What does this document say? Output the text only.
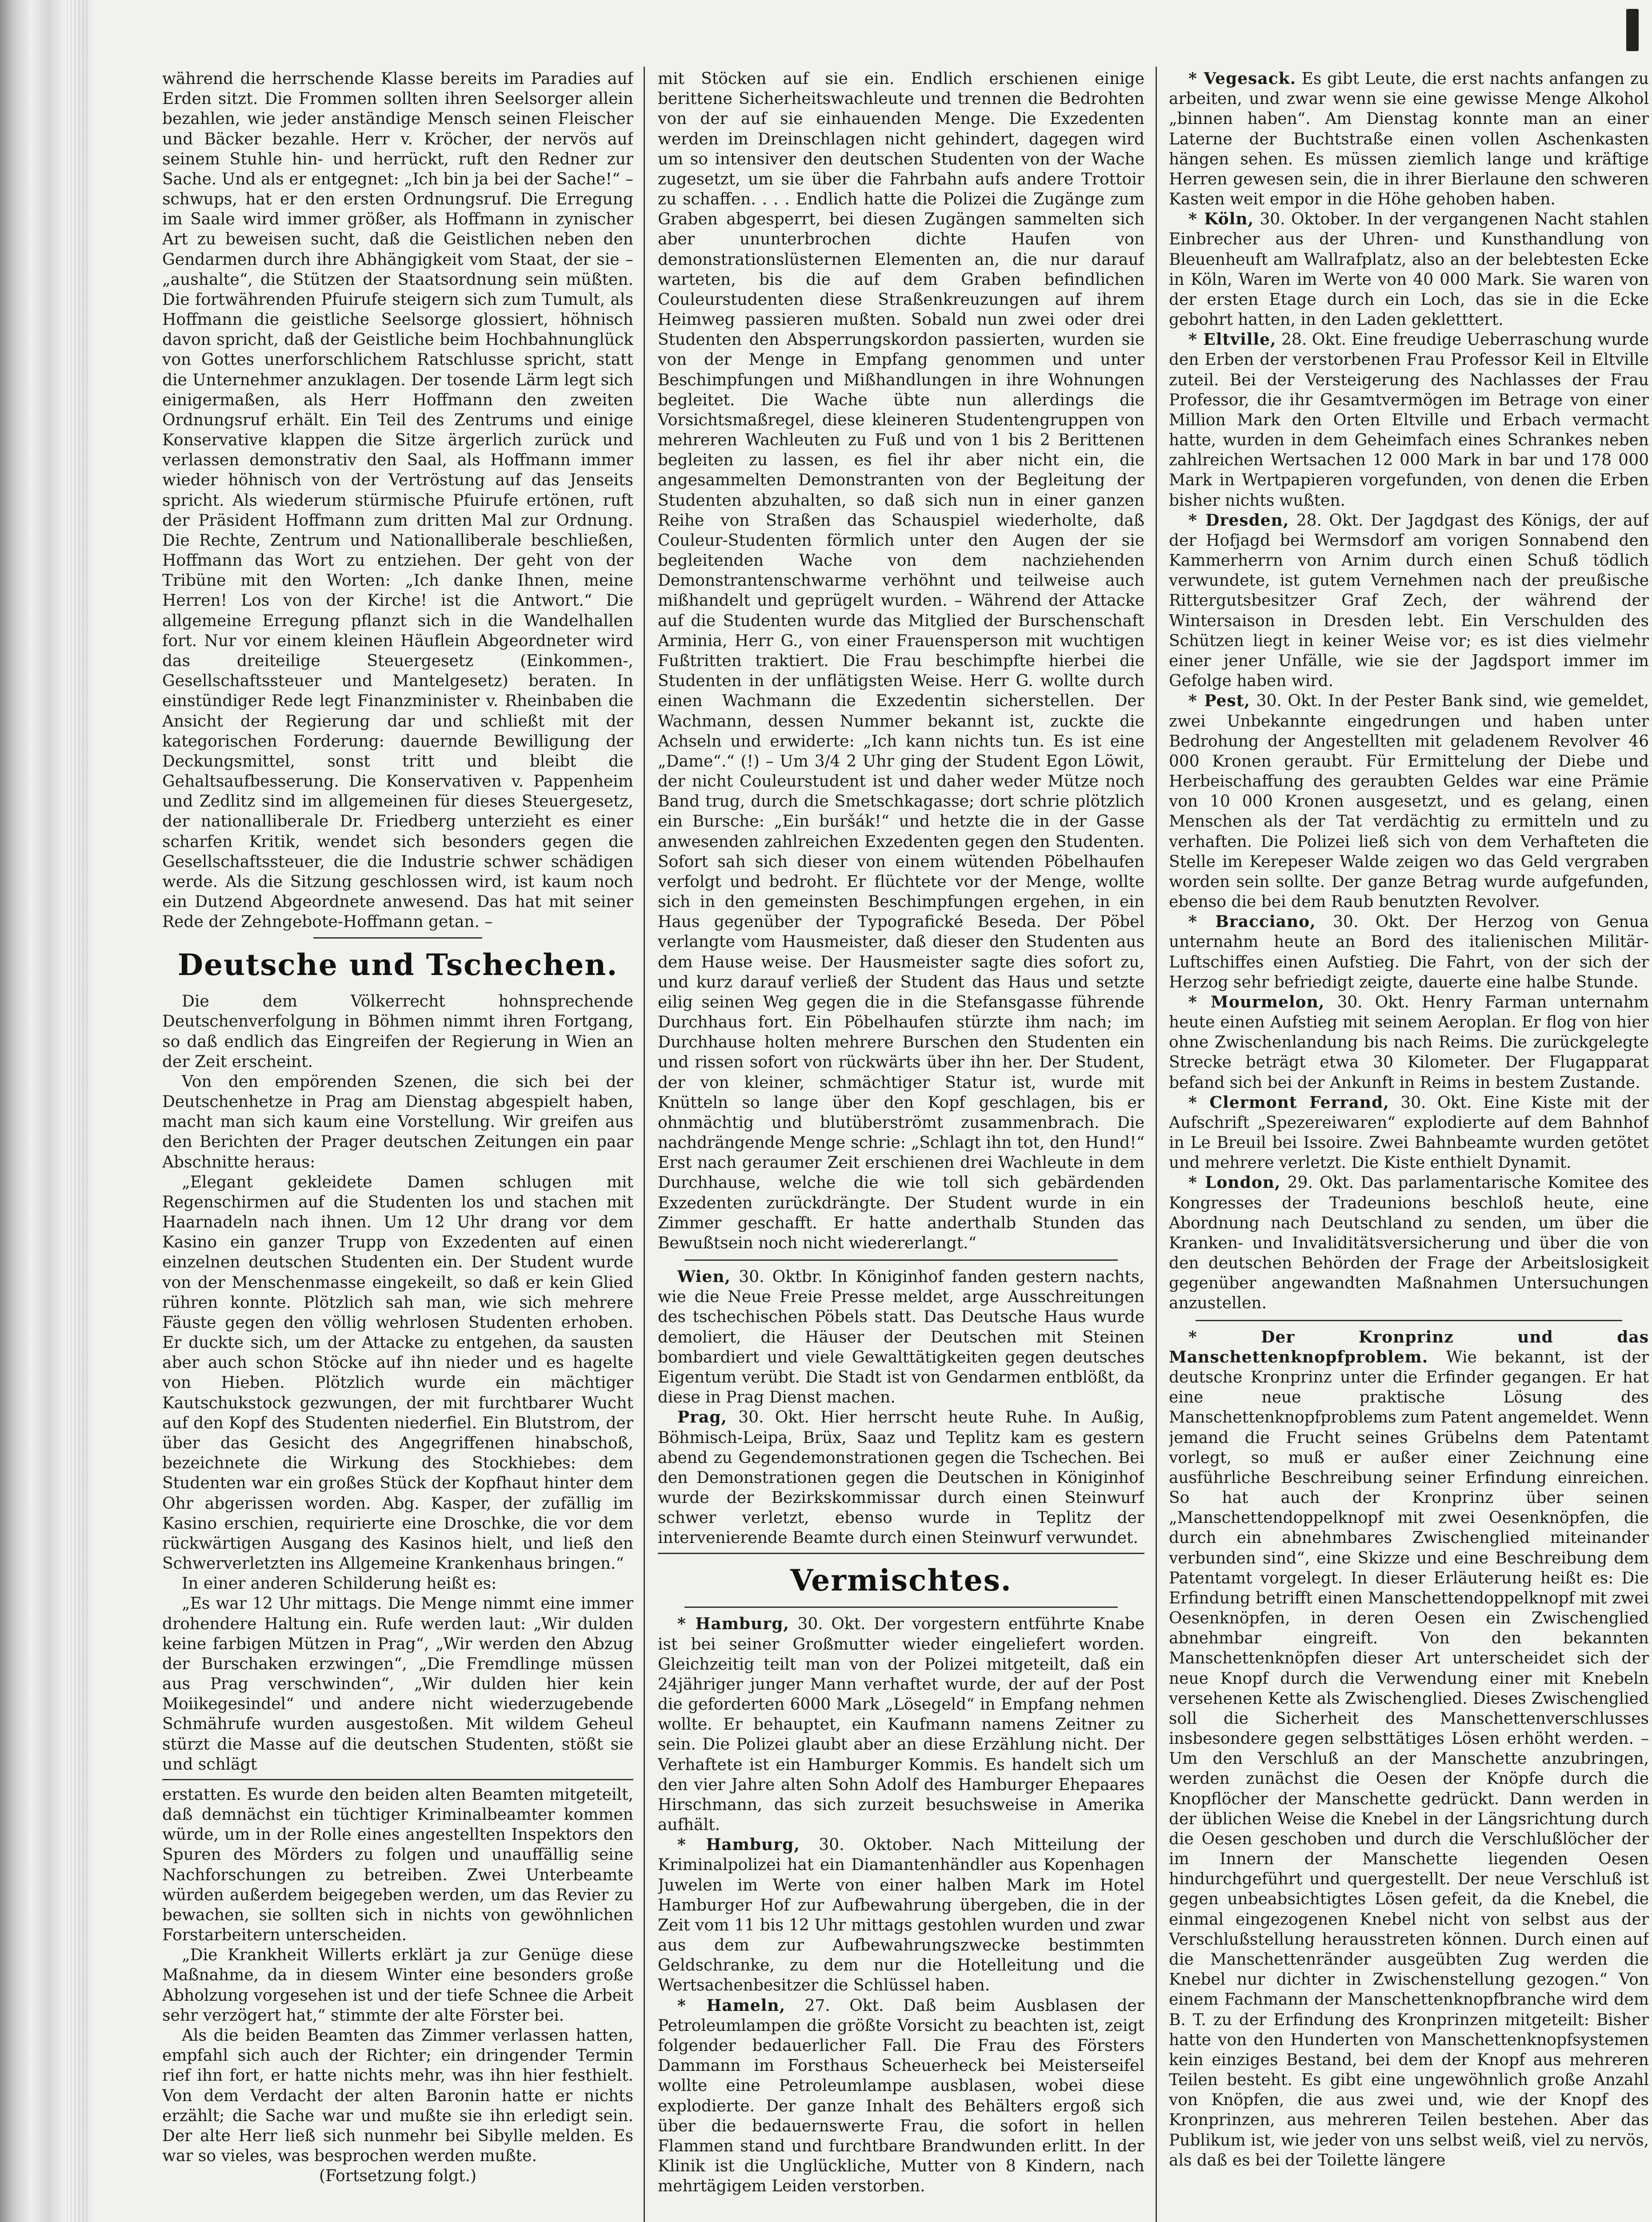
während die herrschende Klasse bereits im Paradies auf Erden sitzt. Die Frommen sollten ihren Seelsorger allein bezahlen, wie jeder anständige Mensch seinen Fleischer und Bäcker bezahle. Herr v. Kröcher, der nervös auf seinem Stuhle hin- und herrückt, ruft den Redner zur Sache. Und als er entgegnet: „Ich bin ja bei der Sache!“ – schwups, hat er den ersten Ordnungsruf. Die Erregung im Saale wird immer größer, als Hoffmann in zynischer Art zu beweisen sucht, daß die Geistlichen neben den Gendarmen durch ihre Abhängigkeit vom Staat, der sie – „aushalte“, die Stützen der Staatsordnung sein müßten. Die fortwährenden Pfuirufe steigern sich zum Tumult, als Hoffmann die geistliche Seelsorge glossiert, höhnisch davon spricht, daß der Geistliche beim Hochbahnunglück von Gottes unerforschlichem Ratschlusse spricht, statt die Unternehmer anzuklagen. Der tosende Lärm legt sich einigermaßen, als Herr Hoffmann den zweiten Ordnungsruf erhält. Ein Teil des Zentrums und einige Konservative klappen die Sitze ärgerlich zurück und verlassen demonstrativ den Saal, als Hoffmann immer wieder höhnisch von der Vertröstung auf das Jenseits spricht. Als wiederum stürmische Pfuirufe ertönen, ruft der Präsident Hoffmann zum dritten Mal zur Ordnung. Die Rechte, Zentrum und Nationalliberale beschließen, Hoffmann das Wort zu entziehen. Der geht von der Tribüne mit den Worten: „Ich danke Ihnen, meine Herren! Los von der Kirche! ist die Antwort.“ Die allgemeine Erregung pflanzt sich in die Wandelhallen fort. Nur vor einem kleinen Häuflein Abgeordneter wird das dreiteilige Steuergesetz (Einkommen-, Gesellschaftssteuer und Mantelgesetz) beraten. In einstündiger Rede legt Finanzminister v. Rheinbaben die Ansicht der Regierung dar und schließt mit der kategorischen Forderung: dauernde Bewilligung der Deckungsmittel, sonst tritt und bleibt die Gehaltsaufbesserung. Die Konservativen v. Pappenheim und Zedlitz sind im allgemeinen für dieses Steuergesetz, der nationalliberale Dr. Friedberg unterzieht es einer scharfen Kritik, wendet sich besonders gegen die Gesellschaftssteuer, die die Industrie schwer schädigen werde. Als die Sitzung geschlossen wird, ist kaum noch ein Dutzend Abgeordnete anwesend. Das hat mit seiner Rede der Zehngebote-Hoffmann getan. –

Deutsche und Tschechen.

Die dem Völkerrecht hohnsprechende Deutschenverfolgung in Böhmen nimmt ihren Fortgang, so daß endlich das Eingreifen der Regierung in Wien an der Zeit erscheint.

Von den empörenden Szenen, die sich bei der Deutschenhetze in Prag am Dienstag abgespielt haben, macht man sich kaum eine Vorstellung. Wir greifen aus den Berichten der Prager deutschen Zeitungen ein paar Abschnitte heraus:

„Elegant gekleidete Damen schlugen mit Regenschirmen auf die Studenten los und stachen mit Haarnadeln nach ihnen. Um 12 Uhr drang vor dem Kasino ein ganzer Trupp von Exzedenten auf einen einzelnen deutschen Studenten ein. Der Student wurde von der Menschenmasse eingekeilt, so daß er kein Glied rühren konnte. Plötzlich sah man, wie sich mehrere Fäuste gegen den völlig wehrlosen Studenten erhoben. Er duckte sich, um der Attacke zu entgehen, da sausten aber auch schon Stöcke auf ihn nieder und es hagelte von Hieben. Plötzlich wurde ein mächtiger Kautschukstock gezwungen, der mit furchtbarer Wucht auf den Kopf des Studenten niederfiel. Ein Blutstrom, der über das Gesicht des Angegriffenen hinabschoß, bezeichnete die Wirkung des Stockhiebes: dem Studenten war ein großes Stück der Kopfhaut hinter dem Ohr abgerissen worden. Abg. Kasper, der zufällig im Kasino erschien, requirierte eine Droschke, die vor dem rückwärtigen Ausgang des Kasinos hielt, und ließ den Schwerverletzten ins Allgemeine Krankenhaus bringen.“

In einer anderen Schilderung heißt es:

„Es war 12 Uhr mittags. Die Menge nimmt eine immer drohendere Haltung ein. Rufe werden laut: „Wir dulden keine farbigen Mützen in Prag“, „Wir werden den Abzug der Burschaken erzwingen“, „Die Fremdlinge müssen aus Prag verschwinden“, „Wir dulden hier kein Moiikegesindel“ und andere nicht wiederzugebende Schmährufe wurden ausgestoßen. Mit wildem Geheul stürzt die Masse auf die deutschen Studenten, stößt sie und schlägt

erstatten. Es wurde den beiden alten Beamten mitgeteilt, daß demnächst ein tüchtiger Kriminalbeamter kommen würde, um in der Rolle eines angestellten Inspektors den Spuren des Mörders zu folgen und unauffällig seine Nachforschungen zu betreiben. Zwei Unterbeamte würden außerdem beigegeben werden, um das Revier zu bewachen, sie sollten sich in nichts von gewöhnlichen Forstarbeitern unterscheiden.

„Die Krankheit Willerts erklärt ja zur Genüge diese Maßnahme, da in diesem Winter eine besonders große Abholzung vorgesehen ist und der tiefe Schnee die Arbeit sehr verzögert hat,“ stimmte der alte Förster bei.

Als die beiden Beamten das Zimmer verlassen hatten, empfahl sich auch der Richter; ein dringender Termin rief ihn fort, er hatte nichts mehr, was ihn hier festhielt. Von dem Verdacht der alten Baronin hatte er nichts erzählt; die Sache war und mußte sie ihn erledigt sein. Der alte Herr ließ sich nunmehr bei Sibylle melden. Es war so vieles, was besprochen werden mußte.

(Fortsetzung folgt.)

mit Stöcken auf sie ein. Endlich erschienen einige berittene Sicherheitswachleute und trennen die Bedrohten von der auf sie einhauenden Menge. Die Exzedenten werden im Dreinschlagen nicht gehindert, dagegen wird um so intensiver den deutschen Studenten von der Wache zugesetzt, um sie über die Fahrbahn aufs andere Trottoir zu schaffen. . . . Endlich hatte die Polizei die Zugänge zum Graben abgesperrt, bei diesen Zugängen sammelten sich aber ununterbrochen dichte Haufen von demonstrationslüsternen Elementen an, die nur darauf warteten, bis die auf dem Graben befindlichen Couleurstudenten diese Straßenkreuzungen auf ihrem Heimweg passieren mußten. Sobald nun zwei oder drei Studenten den Absperrungskordon passierten, wurden sie von der Menge in Empfang genommen und unter Beschimpfungen und Mißhandlungen in ihre Wohnungen begleitet. Die Wache übte nun allerdings die Vorsichtsmaßregel, diese kleineren Studentengruppen von mehreren Wachleuten zu Fuß und von 1 bis 2 Berittenen begleiten zu lassen, es fiel ihr aber nicht ein, die angesammelten Demonstranten von der Begleitung der Studenten abzuhalten, so daß sich nun in einer ganzen Reihe von Straßen das Schauspiel wiederholte, daß Couleur-Studenten förmlich unter den Augen der sie begleitenden Wache von dem nachziehenden Demonstrantenschwarme verhöhnt und teilweise auch mißhandelt und geprügelt wurden. – Während der Attacke auf die Studenten wurde das Mitglied der Burschenschaft Arminia, Herr G., von einer Frauensperson mit wuchtigen Fußtritten traktiert. Die Frau beschimpfte hierbei die Studenten in der unflätigsten Weise. Herr G. wollte durch einen Wachmann die Exzedentin sicherstellen. Der Wachmann, dessen Nummer bekannt ist, zuckte die Achseln und erwiderte: „Ich kann nichts tun. Es ist eine „Dame“.“ (!) – Um 3/4 2 Uhr ging der Student Egon Löwit, der nicht Couleurstudent ist und daher weder Mütze noch Band trug, durch die Smetschkagasse; dort schrie plötzlich ein Bursche: „Ein buršák!“ und hetzte die in der Gasse anwesenden zahlreichen Exzedenten gegen den Studenten. Sofort sah sich dieser von einem wütenden Pöbelhaufen verfolgt und bedroht. Er flüchtete vor der Menge, wollte sich in den gemeinsten Beschimpfungen ergehen, in ein Haus gegenüber der Typografické Beseda. Der Pöbel verlangte vom Hausmeister, daß dieser den Studenten aus dem Hause weise. Der Hausmeister sagte dies sofort zu, und kurz darauf verließ der Student das Haus und setzte eilig seinen Weg gegen die in die Stefansgasse führende Durchhaus fort. Ein Pöbelhaufen stürzte ihm nach; im Durchhause holten mehrere Burschen den Studenten ein und rissen sofort von rückwärts über ihn her. Der Student, der von kleiner, schmächtiger Statur ist, wurde mit Knütteln so lange über den Kopf geschlagen, bis er ohnmächtig und blutüberströmt zusammenbrach. Die nachdrängende Menge schrie: „Schlagt ihn tot, den Hund!“ Erst nach geraumer Zeit erschienen drei Wachleute in dem Durchhause, welche die wie toll sich gebärdenden Exzedenten zurückdrängte. Der Student wurde in ein Zimmer geschafft. Er hatte anderthalb Stunden das Bewußtsein noch nicht wiedererlangt.“

Wien, 30. Oktbr. In Königinhof fanden gestern nachts, wie die Neue Freie Presse meldet, arge Ausschreitungen des tschechischen Pöbels statt. Das Deutsche Haus wurde demoliert, die Häuser der Deutschen mit Steinen bombardiert und viele Gewalttätigkeiten gegen deutsches Eigentum verübt. Die Stadt ist von Gendarmen entblößt, da diese in Prag Dienst machen.

Prag, 30. Okt. Hier herrscht heute Ruhe. In Außig, Böhmisch-Leipa, Brüx, Saaz und Teplitz kam es gestern abend zu Gegendemonstrationen gegen die Tschechen. Bei den Demonstrationen gegen die Deutschen in Königinhof wurde der Bezirkskommissar durch einen Steinwurf schwer verletzt, ebenso wurde in Teplitz der intervenierende Beamte durch einen Steinwurf verwundet.

Vermischtes.

* Hamburg, 30. Okt. Der vorgestern entführte Knabe ist bei seiner Großmutter wieder eingeliefert worden. Gleichzeitig teilt man von der Polizei mitgeteilt, daß ein 24jähriger junger Mann verhaftet wurde, der auf der Post die geforderten 6000 Mark „Lösegeld“ in Empfang nehmen wollte. Er behauptet, ein Kaufmann namens Zeitner zu sein. Die Polizei glaubt aber an diese Erzählung nicht. Der Verhaftete ist ein Hamburger Kommis. Es handelt sich um den vier Jahre alten Sohn Adolf des Hamburger Ehepaares Hirschmann, das sich zurzeit besuchsweise in Amerika aufhält.

* Hamburg, 30. Oktober. Nach Mitteilung der Kriminalpolizei hat ein Diamantenhändler aus Kopenhagen Juwelen im Werte von einer halben Mark im Hotel Hamburger Hof zur Aufbewahrung übergeben, die in der Zeit vom 11 bis 12 Uhr mittags gestohlen wurden und zwar aus dem zur Aufbewahrungszwecke bestimmten Geldschranke, zu dem nur die Hotelleitung und die Wertsachenbesitzer die Schlüssel haben.

* Hameln, 27. Okt. Daß beim Ausblasen der Petroleumlampen die größte Vorsicht zu beachten ist, zeigt folgender bedauerlicher Fall. Die Frau des Försters Dammann im Forsthaus Scheuerheck bei Meisterseifel wollte eine Petroleumlampe ausblasen, wobei diese explodierte. Der ganze Inhalt des Behälters ergoß sich über die bedauernswerte Frau, die sofort in hellen Flammen stand und furchtbare Brandwunden erlitt. In der Klinik ist die Unglückliche, Mutter von 8 Kindern, nach mehrtägigem Leiden verstorben.

* Vegesack. Es gibt Leute, die erst nachts anfangen zu arbeiten, und zwar wenn sie eine gewisse Menge Alkohol „binnen haben“. Am Dienstag konnte man an einer Laterne der Buchtstraße einen vollen Aschenkasten hängen sehen. Es müssen ziemlich lange und kräftige Herren gewesen sein, die in ihrer Bierlaune den schweren Kasten weit empor in die Höhe gehoben haben.

* Köln, 30. Oktober. In der vergangenen Nacht stahlen Einbrecher aus der Uhren- und Kunsthandlung von Bleuenheuft am Wallrafplatz, also an der belebtesten Ecke in Köln, Waren im Werte von 40 000 Mark. Sie waren von der ersten Etage durch ein Loch, das sie in die Ecke gebohrt hatten, in den Laden gekletttert.

* Eltville, 28. Okt. Eine freudige Ueberraschung wurde den Erben der verstorbenen Frau Professor Keil in Eltville zuteil. Bei der Versteigerung des Nachlasses der Frau Professor, die ihr Gesamtvermögen im Betrage von einer Million Mark den Orten Eltville und Erbach vermacht hatte, wurden in dem Geheimfach eines Schrankes neben zahlreichen Wertsachen 12 000 Mark in bar und 178 000 Mark in Wertpapieren vorgefunden, von denen die Erben bisher nichts wußten.

* Dresden, 28. Okt. Der Jagdgast des Königs, der auf der Hofjagd bei Wermsdorf am vorigen Sonnabend den Kammerherrn von Arnim durch einen Schuß tödlich verwundete, ist gutem Vernehmen nach der preußische Rittergutsbesitzer Graf Zech, der während der Wintersaison in Dresden lebt. Ein Verschulden des Schützen liegt in keiner Weise vor; es ist dies vielmehr einer jener Unfälle, wie sie der Jagdsport immer im Gefolge haben wird.

* Pest, 30. Okt. In der Pester Bank sind, wie gemeldet, zwei Unbekannte eingedrungen und haben unter Bedrohung der Angestellten mit geladenem Revolver 46 000 Kronen geraubt. Für Ermittelung der Diebe und Herbeischaffung des geraubten Geldes war eine Prämie von 10 000 Kronen ausgesetzt, und es gelang, einen Menschen als der Tat verdächtig zu ermitteln und zu verhaften. Die Polizei ließ sich von dem Verhafteten die Stelle im Kerepeser Walde zeigen wo das Geld vergraben worden sein sollte. Der ganze Betrag wurde aufgefunden, ebenso die bei dem Raub benutzten Revolver.

* Bracciano, 30. Okt. Der Herzog von Genua unternahm heute an Bord des italienischen Militär-Luftschiffes einen Aufstieg. Die Fahrt, von der sich der Herzog sehr befriedigt zeigte, dauerte eine halbe Stunde.

* Mourmelon, 30. Okt. Henry Farman unternahm heute einen Aufstieg mit seinem Aeroplan. Er flog von hier ohne Zwischenlandung bis nach Reims. Die zurückgelegte Strecke beträgt etwa 30 Kilometer. Der Flugapparat befand sich bei der Ankunft in Reims in bestem Zustande.

* Clermont Ferrand, 30. Okt. Eine Kiste mit der Aufschrift „Spezereiwaren“ explodierte auf dem Bahnhof in Le Breuil bei Issoire. Zwei Bahnbeamte wurden getötet und mehrere verletzt. Die Kiste enthielt Dynamit.

* London, 29. Okt. Das parlamentarische Komitee des Kongresses der Tradeunions beschloß heute, eine Abordnung nach Deutschland zu senden, um über die Kranken- und Invaliditätsversicherung und über die von den deutschen Behörden der Frage der Arbeitslosigkeit gegenüber angewandten Maßnahmen Untersuchungen anzustellen.

* Der Kronprinz und das Manschettenknopfproblem. Wie bekannt, ist der deutsche Kronprinz unter die Erfinder gegangen. Er hat eine neue praktische Lösung des Manschettenknopfproblems zum Patent angemeldet. Wenn jemand die Frucht seines Grübelns dem Patentamt vorlegt, so muß er außer einer Zeichnung eine ausführliche Beschreibung seiner Erfindung einreichen. So hat auch der Kronprinz über seinen „Manschettendoppelknopf mit zwei Oesenknöpfen, die durch ein abnehmbares Zwischenglied miteinander verbunden sind“, eine Skizze und eine Beschreibung dem Patentamt vorgelegt. In dieser Erläuterung heißt es: Die Erfindung betrifft einen Manschettendoppelknopf mit zwei Oesenknöpfen, in deren Oesen ein Zwischenglied abnehmbar eingreift. Von den bekannten Manschettenknöpfen dieser Art unterscheidet sich der neue Knopf durch die Verwendung einer mit Knebeln versehenen Kette als Zwischenglied. Dieses Zwischenglied soll die Sicherheit des Manschettenverschlusses insbesondere gegen selbsttätiges Lösen erhöht werden. – Um den Verschluß an der Manschette anzubringen, werden zunächst die Oesen der Knöpfe durch die Knopflöcher der Manschette gedrückt. Dann werden in der üblichen Weise die Knebel in der Längsrichtung durch die Oesen geschoben und durch die Verschlußlöcher der im Innern der Manschette liegenden Oesen hindurchgeführt und quergestellt. Der neue Verschluß ist gegen unbeabsichtigtes Lösen gefeit, da die Knebel, die einmal eingezogenen Knebel nicht von selbst aus der Verschlußstellung herausstreten können. Durch einen auf die Manschettenränder ausgeübten Zug werden die Knebel nur dichter in Zwischenstellung gezogen.“ Von einem Fachmann der Manschettenknopfbranche wird dem B. T. zu der Erfindung des Kronprinzen mitgeteilt: Bisher hatte von den Hunderten von Manschettenknopfsystemen kein einziges Bestand, bei dem der Knopf aus mehreren Teilen besteht. Es gibt eine ungewöhnlich große Anzahl von Knöpfen, die aus zwei und, wie der Knopf des Kronprinzen, aus mehreren Teilen bestehen. Aber das Publikum ist, wie jeder von uns selbst weiß, viel zu nervös, als daß es bei der Toilette längere
